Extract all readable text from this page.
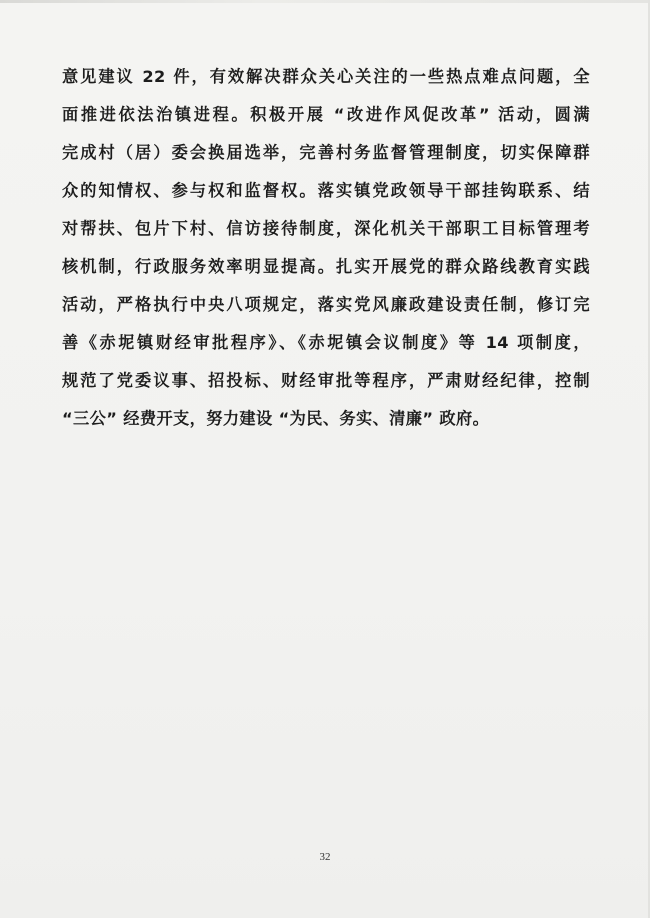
意见建议 22 件，有效解决群众关心关注的一些热点难点问题，全
面推进依法治镇进程。积极开展 “改进作风促改革” 活动，圆满
完成村（居）委会换届选举，完善村务监督管理制度，切实保障群
众的知情权、参与权和监督权。落实镇党政领导干部挂钩联系、结
对帮扶、包片下村、信访接待制度，深化机关干部职工目标管理考
核机制，行政服务效率明显提高。扎实开展党的群众路线教育实践
活动，严格执行中央八项规定，落实党风廉政建设责任制，修订完
善《赤坭镇财经审批程序》、《赤坭镇会议制度》等 14 项制度，
规范了党委议事、招投标、财经审批等程序，严肃财经纪律，控制
“三公” 经费开支，努力建设 “为民、务实、清廉” 政府。
32
